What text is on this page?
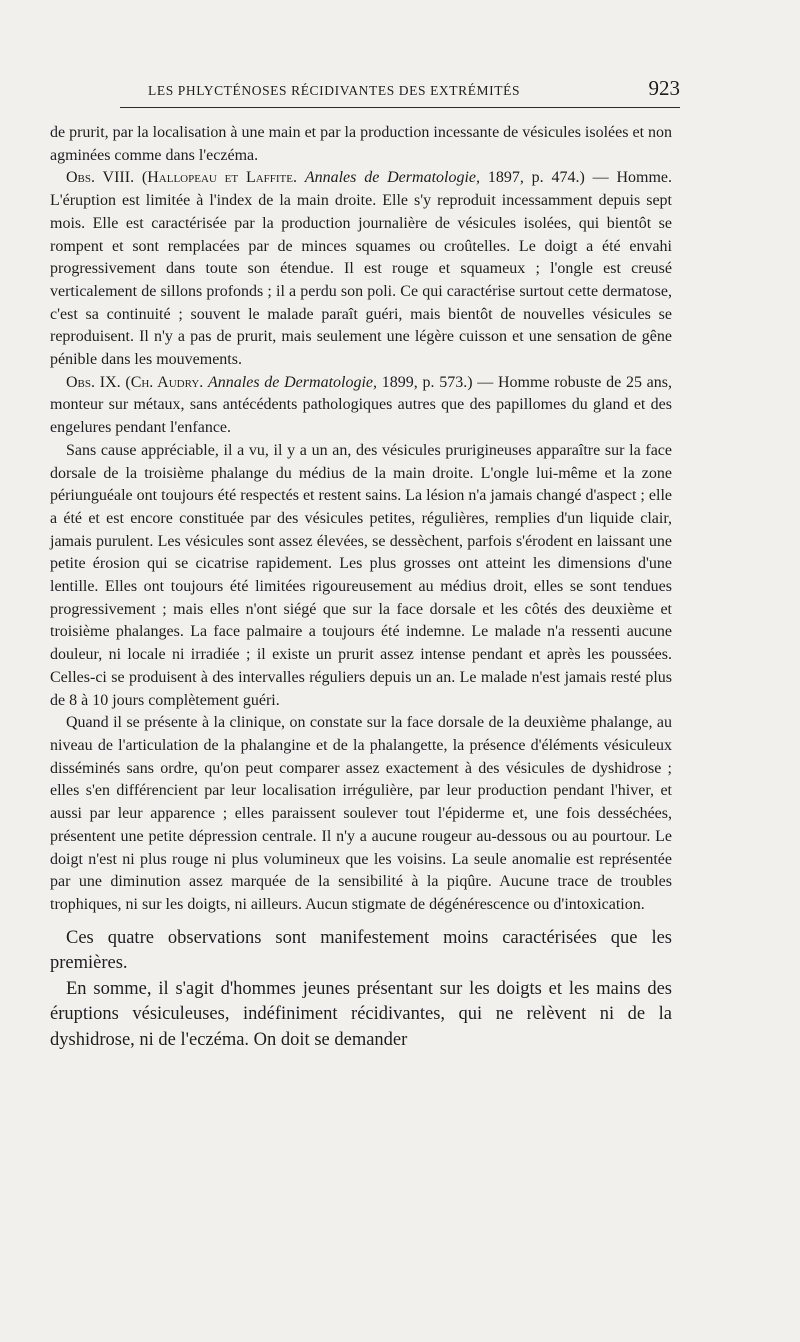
LES PHLYCTÉNOSES RÉCIDIVANTES DES EXTRÉMITÉS	923

de prurit, par la localisation à une main et par la production incessante de vésicules isolées et non agminées comme dans l'eczéma.

Obs. VIII. (Hallopeau et Laffite. Annales de Dermatologie, 1897, p. 474.) — Homme. L'éruption est limitée à l'index de la main droite. Elle s'y reproduit incessamment depuis sept mois. Elle est caractérisée par la production journalière de vésicules isolées, qui bientôt se rompent et sont remplacées par de minces squames ou croûtelles. Le doigt a été envahi progressivement dans toute son étendue. Il est rouge et squameux ; l'ongle est creusé verticalement de sillons profonds ; il a perdu son poli. Ce qui caractérise surtout cette dermatose, c'est sa continuité ; souvent le malade paraît guéri, mais bientôt de nouvelles vésicules se reproduisent. Il n'y a pas de prurit, mais seulement une légère cuisson et une sensation de gêne pénible dans les mouvements.

Obs. IX. (Ch. Audry. Annales de Dermatologie, 1899, p. 573.) — Homme robuste de 25 ans, monteur sur métaux, sans antécédents pathologiques autres que des papillomes du gland et des engelures pendant l'enfance.

Sans cause appréciable, il a vu, il y a un an, des vésicules prurigineuses apparaître sur la face dorsale de la troisième phalange du médius de la main droite. L'ongle lui-même et la zone périunguéale ont toujours été respectés et restent sains. La lésion n'a jamais changé d'aspect ; elle a été et est encore constituée par des vésicules petites, régulières, remplies d'un liquide clair, jamais purulent. Les vésicules sont assez élevées, se dessèchent, parfois s'érodent en laissant une petite érosion qui se cicatrise rapidement. Les plus grosses ont atteint les dimensions d'une lentille. Elles ont toujours été limitées rigoureusement au médius droit, elles se sont tendues progressivement ; mais elles n'ont siégé que sur la face dorsale et les côtés des deuxième et troisième phalanges. La face palmaire a toujours été indemne. Le malade n'a ressenti aucune douleur, ni locale ni irradiée ; il existe un prurit assez intense pendant et après les poussées. Celles-ci se produisent à des intervalles réguliers depuis un an. Le malade n'est jamais resté plus de 8 à 10 jours complètement guéri.

Quand il se présente à la clinique, on constate sur la face dorsale de la deuxième phalange, au niveau de l'articulation de la phalangine et de la phalangette, la présence d'éléments vésiculeux disséminés sans ordre, qu'on peut comparer assez exactement à des vésicules de dyshidrose ; elles s'en différencient par leur localisation irrégulière, par leur production pendant l'hiver, et aussi par leur apparence ; elles paraissent soulever tout l'épiderme et, une fois desséchées, présentent une petite dépression centrale. Il n'y a aucune rougeur au-dessous ou au pourtour. Le doigt n'est ni plus rouge ni plus volumineux que les voisins. La seule anomalie est représentée par une diminution assez marquée de la sensibilité à la piqûre. Aucune trace de troubles trophiques, ni sur les doigts, ni ailleurs. Aucun stigmate de dégénérescence ou d'intoxication.

Ces quatre observations sont manifestement moins caractérisées que les premières.

En somme, il s'agit d'hommes jeunes présentant sur les doigts et les mains des éruptions vésiculeuses, indéfiniment récidivantes, qui ne relèvent ni de la dyshidrose, ni de l'eczéma. On doit se demander
